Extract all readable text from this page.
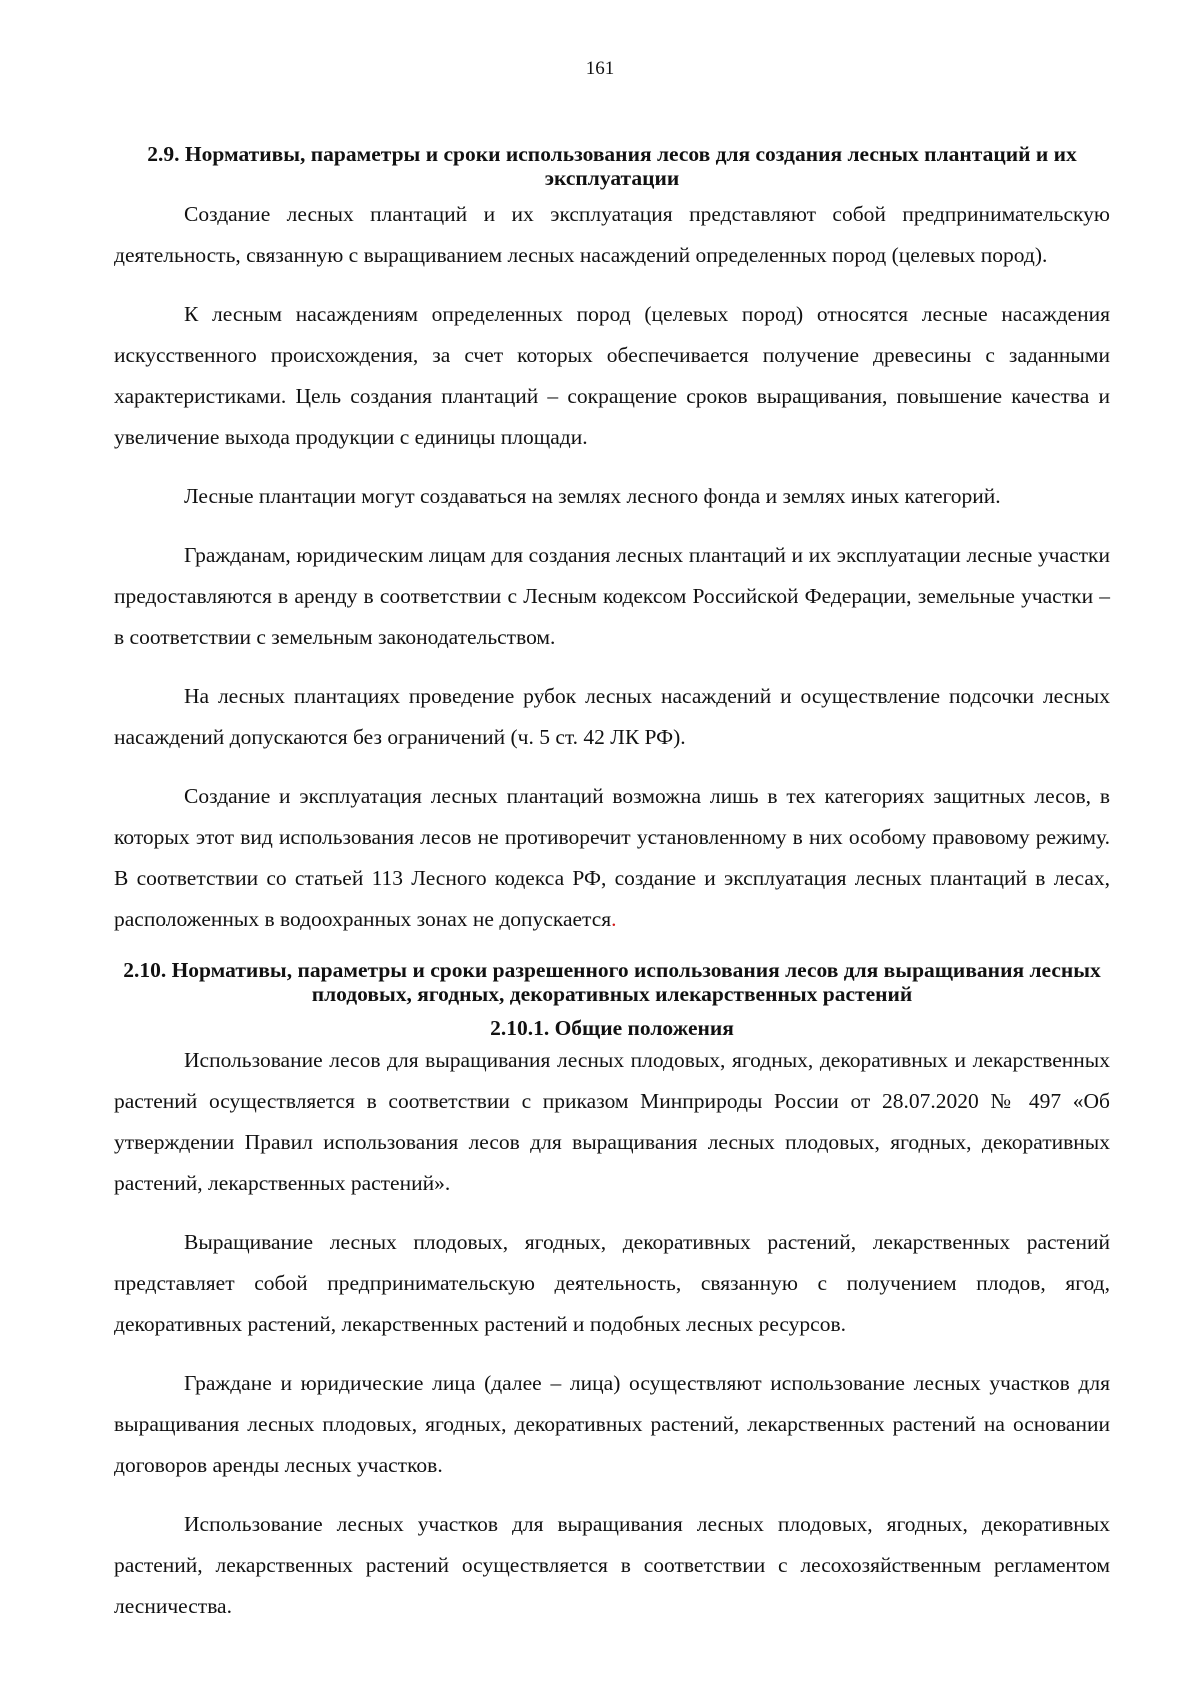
161

2.9. Нормативы, параметры и сроки использования лесов для создания лесных плантаций и их эксплуатации

Создание лесных плантаций и их эксплуатация представляют собой предпринимательскую деятельность, связанную с выращиванием лесных насаждений определенных пород (целевых пород).

К лесным насаждениям определенных пород (целевых пород) относятся лесные насаждения искусственного происхождения, за счет которых обеспечивается получение древесины с заданными характеристиками. Цель создания плантаций – сокращение сроков выращивания, повышение качества и увеличение выхода продукции с единицы площади.

Лесные плантации могут создаваться на землях лесного фонда и землях иных категорий.

Гражданам, юридическим лицам для создания лесных плантаций и их эксплуатации лесные участки предоставляются в аренду в соответствии с Лесным кодексом Российской Федерации, земельные участки – в соответствии с земельным законодательством.

На лесных плантациях проведение рубок лесных насаждений и осуществление подсочки лесных насаждений допускаются без ограничений (ч. 5 ст. 42 ЛК РФ).

Создание и эксплуатация лесных плантаций возможна лишь в тех категориях защитных лесов, в которых этот вид использования лесов не противоречит установленному в них особому правовому режиму. В соответствии со статьей 113 Лесного кодекса РФ, создание и эксплуатация лесных плантаций в лесах, расположенных в водоохранных зонах не допускается.

2.10. Нормативы, параметры и сроки разрешенного использования лесов для выращивания лесных плодовых, ягодных, декоративных илекарственных растений

2.10.1. Общие положения

Использование лесов для выращивания лесных плодовых, ягодных, декоративных и лекарственных растений осуществляется в соответствии с приказом Минприроды России от 28.07.2020 № 497 «Об утверждении Правил использования лесов для выращивания лесных плодовых, ягодных, декоративных растений, лекарственных растений».

Выращивание лесных плодовых, ягодных, декоративных растений, лекарственных растений представляет собой предпринимательскую деятельность, связанную с получением плодов, ягод, декоративных растений, лекарственных растений и подобных лесных ресурсов.

Граждане и юридические лица (далее – лица) осуществляют использование лесных участков для выращивания лесных плодовых, ягодных, декоративных растений, лекарственных растений на основании договоров аренды лесных участков.

Использование лесных участков для выращивания лесных плодовых, ягодных, декоративных растений, лекарственных растений осуществляется в соответствии с лесохозяйственным регламентом лесничества.
